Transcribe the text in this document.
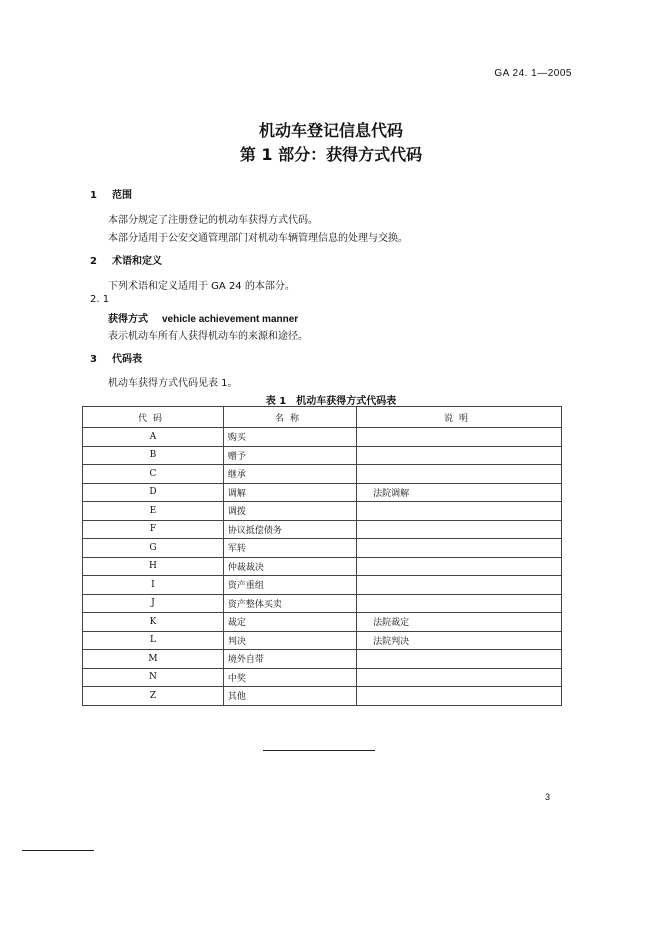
GA 24. 1—2005
机动车登记信息代码
第 1 部分：获得方式代码
1 范围
本部分规定了注册登记的机动车获得方式代码。
本部分适用于公安交通管理部门对机动车辆管理信息的处理与交换。
2 术语和定义
下列术语和定义适用于 GA 24 的本部分。
2. 1
获得方式 vehicle achievement manner
表示机动车所有人获得机动车的来源和途径。
3 代码表
机动车获得方式代码见表 1。
表 1　机动车获得方式代码表
代码	名称	说明
A	购买	
B	赠予	
C	继承	
D	调解	法院调解
E	调拨	
F	协议抵偿债务	
G	军转	
H	仲裁裁决	
I	资产重组	
J	资产整体买卖	
K	裁定	法院裁定
L	判决	法院判决
M	境外自带	
N	中奖	
Z	其他	
3
